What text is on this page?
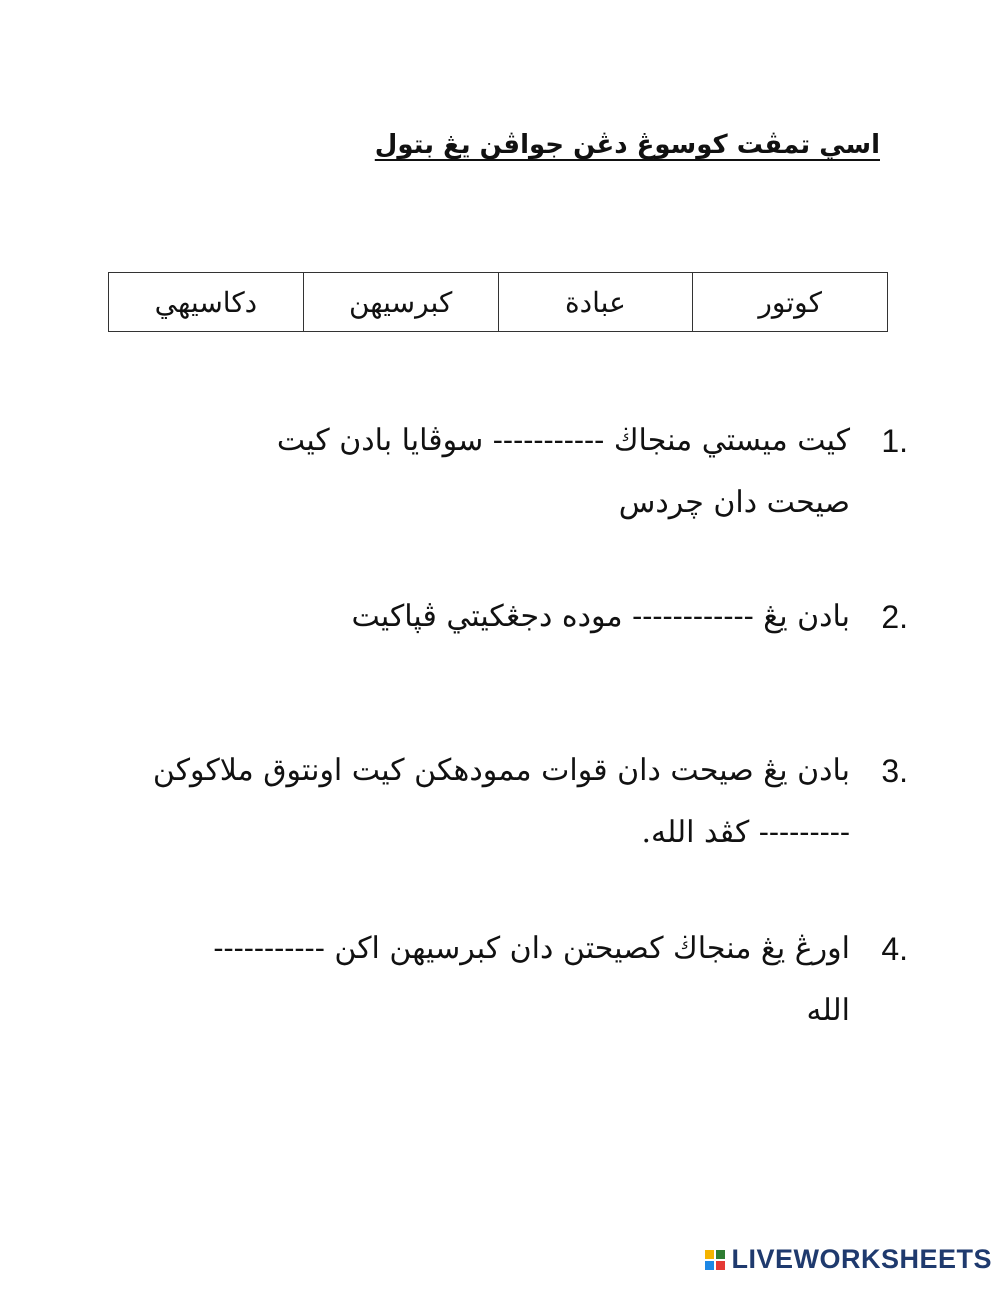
اسي تمڤت كوسوڠ دڠن جواڤن يڠ بتول
كوتور
عبادة
كبرسيهن
دكاسيهي
1.
كيت ميستي منجاڬ ----------- سوڤايا بادن كيت
صيحت دان چردس
2.
بادن يڠ ------------ موده دجڠكيتي ڤپاكيت
3.
بادن يڠ صيحت دان قوات ممودهكن كيت اونتوق ملاكوكن
--------- كڤد الله.
4.
اورڠ يڠ منجاڬ كصيحتن دان كبرسيهن اكن -----------
الله
LIVEWORKSHEETS
